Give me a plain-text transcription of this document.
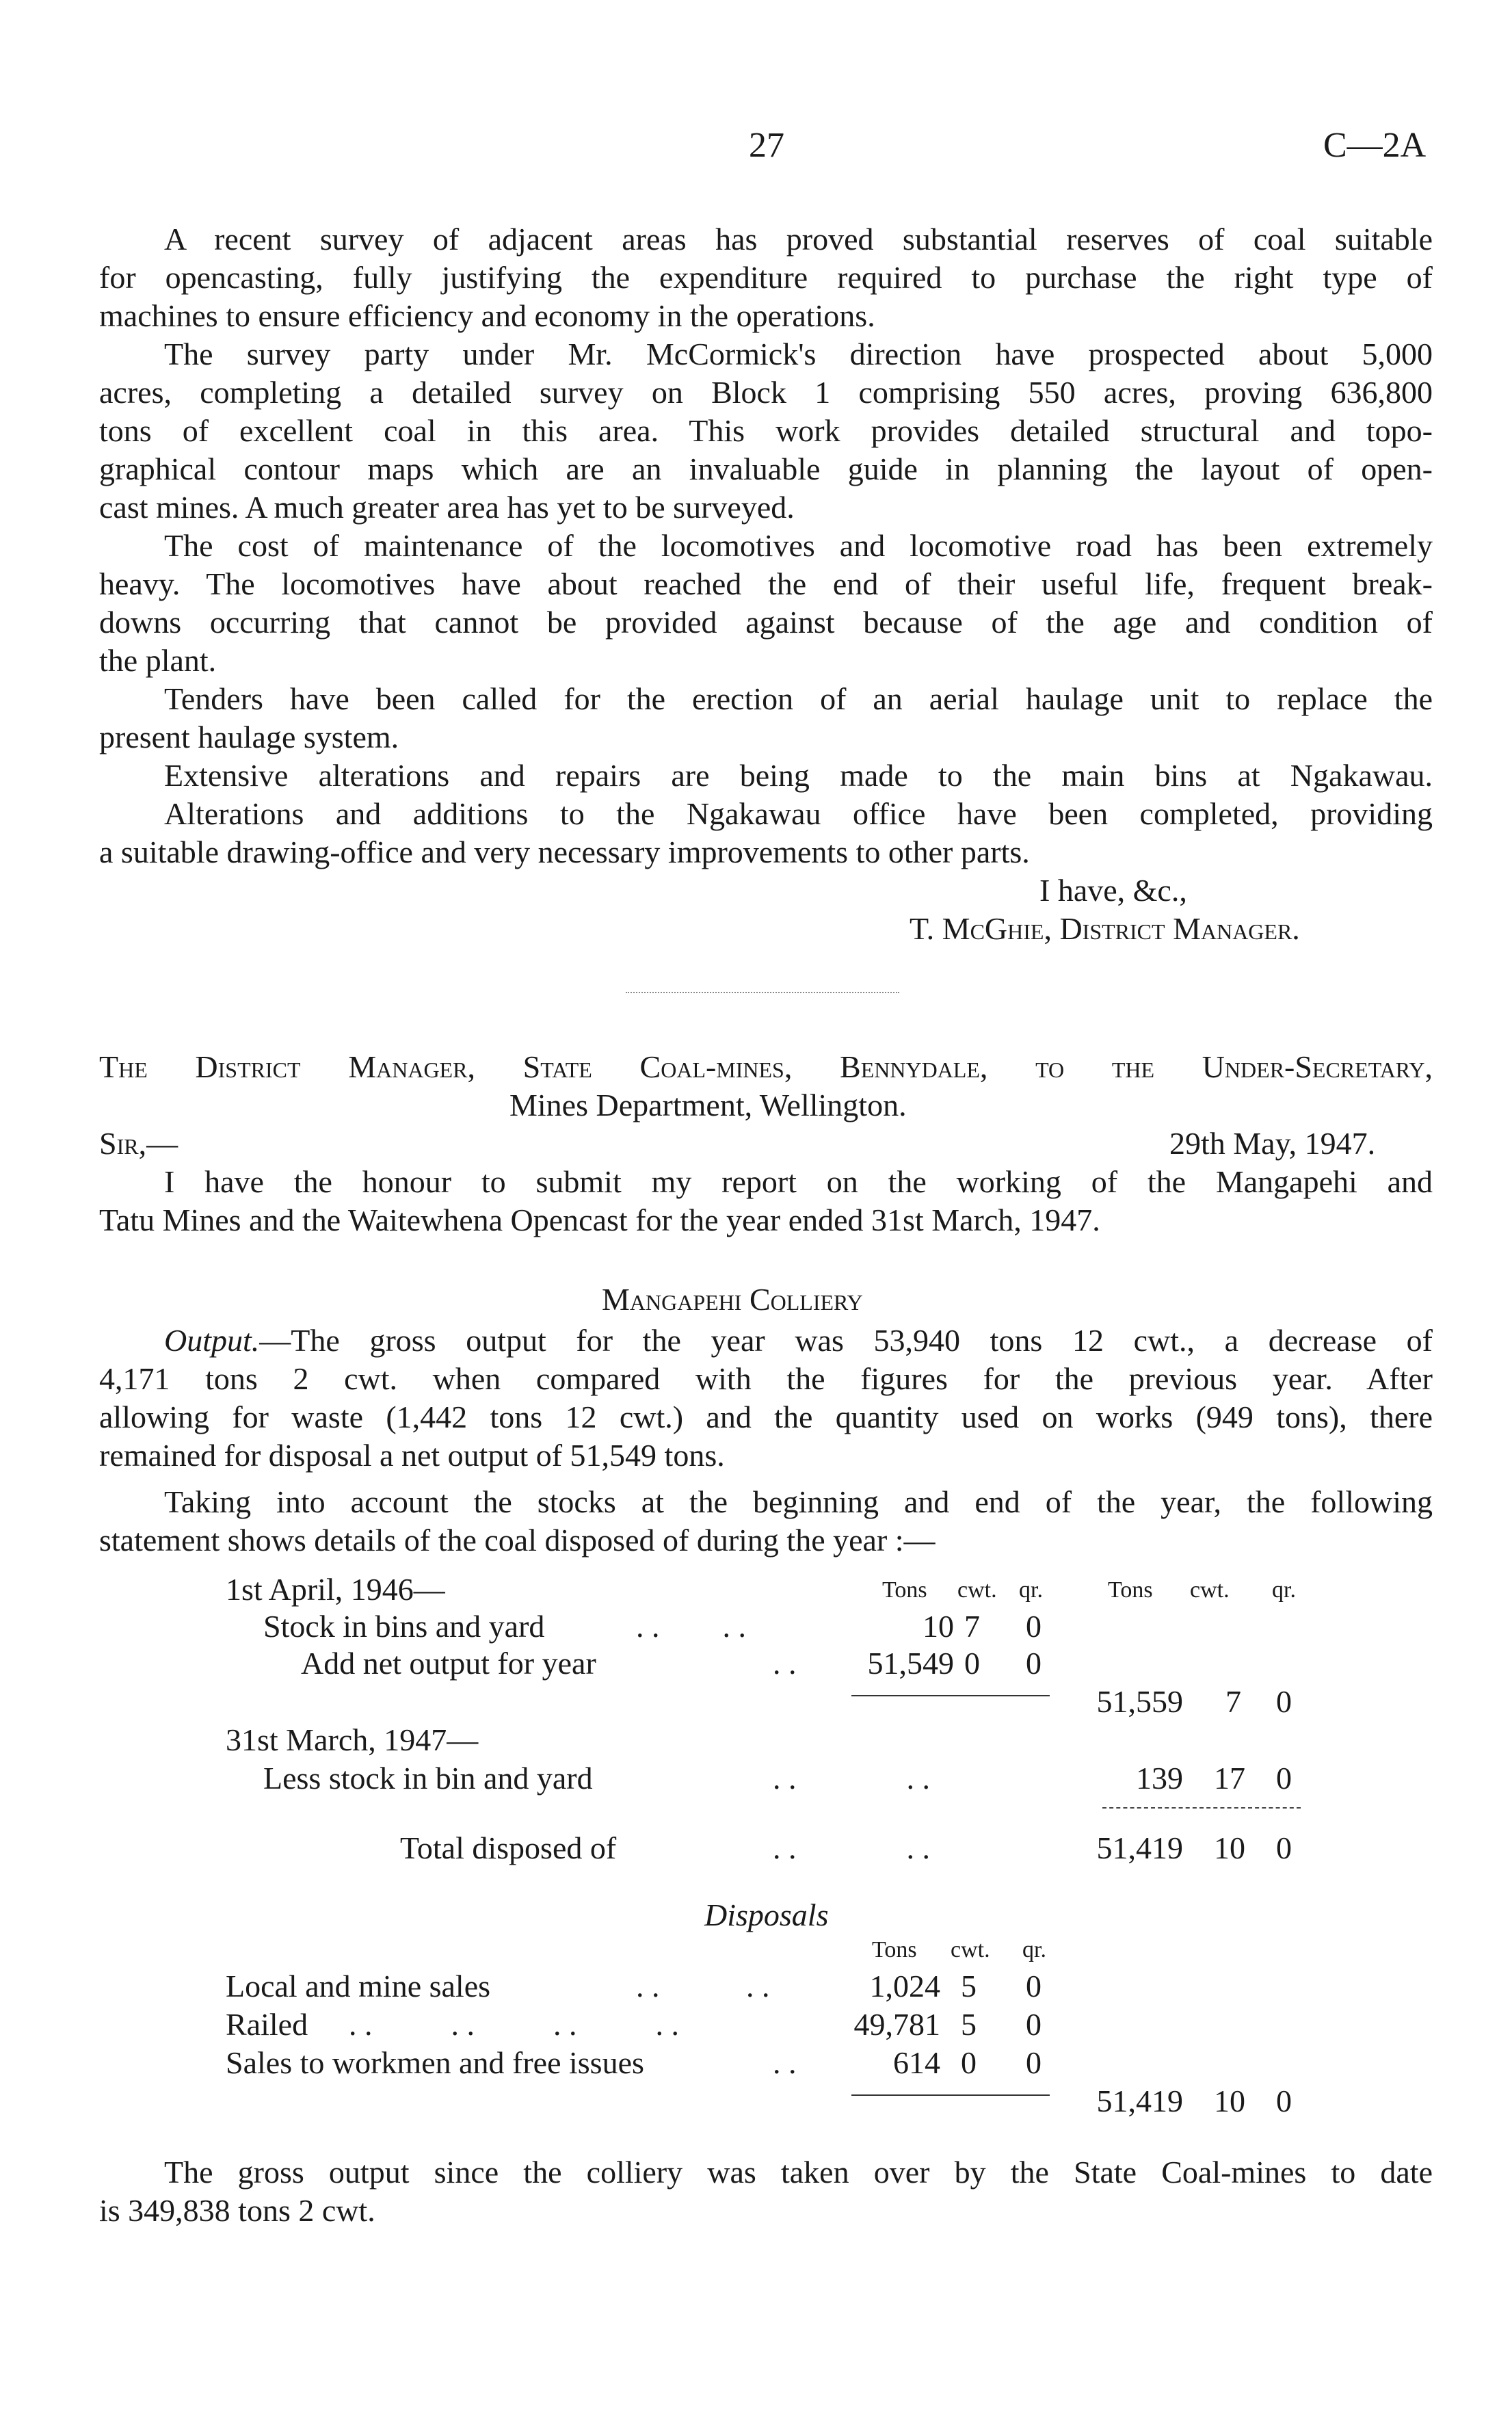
27	C—2A
A recent survey of adjacent areas has proved substantial reserves of coal suitable
for opencasting, fully justifying the expenditure required to purchase the right type of
machines to ensure efficiency and economy in the operations.
The survey party under Mr. McCormick's direction have prospected about 5,000
acres, completing a detailed survey on Block 1 comprising 550 acres, proving 636,800
tons of excellent coal in this area. This work provides detailed structural and topo-
graphical contour maps which are an invaluable guide in planning the layout of open-
cast mines. A much greater area has yet to be surveyed.
The cost of maintenance of the locomotives and locomotive road has been extremely
heavy. The locomotives have about reached the end of their useful life, frequent break-
downs occurring that cannot be provided against because of the age and condition of
the plant.
Tenders have been called for the erection of an aerial haulage unit to replace the
present haulage system.
Extensive alterations and repairs are being made to the main bins at Ngakawau.
Alterations and additions to the Ngakawau office have been completed, providing
a suitable drawing-office and very necessary improvements to other parts.
I have, &c.,
T. McGhie, District Manager.
The District Manager, State Coal-mines, Bennydale, to the Under-Secretary,
Mines Department, Wellington.
Sir,—	29th May, 1947.
I have the honour to submit my report on the working of the Mangapehi and
Tatu Mines and the Waitewhena Opencast for the year ended 31st March, 1947.
Mangapehi Colliery
Output.—The gross output for the year was 53,940 tons 12 cwt., a decrease of
4,171 tons 2 cwt. when compared with the figures for the previous year. After
allowing for waste (1,442 tons 12 cwt.) and the quantity used on works (949 tons), there
remained for disposal a net output of 51,549 tons.
Taking into account the stocks at the beginning and end of the year, the following
statement shows details of the coal disposed of during the year :—
Tons cwt. qr.	Tons cwt. qr.
1st April, 1946—
Stock in bins and yard	. .        . .	10 7 0
Add net output for year	. .	51,549 0 0
51,559 7 0
31st March, 1947—
Less stock in bin and yard	. .              . .	139 17 0
Total disposed of	. .              . .	51,419 10 0
Disposals
Tons cwt. qr.
Local and mine sales	. .           . .	1,024 5 0
Railed . .          . .          . .          . .	49,781 5 0
Sales to workmen and free issues	. .	614 0 0
51,419 10 0
The gross output since the colliery was taken over by the State Coal-mines to date
is 349,838 tons 2 cwt.
